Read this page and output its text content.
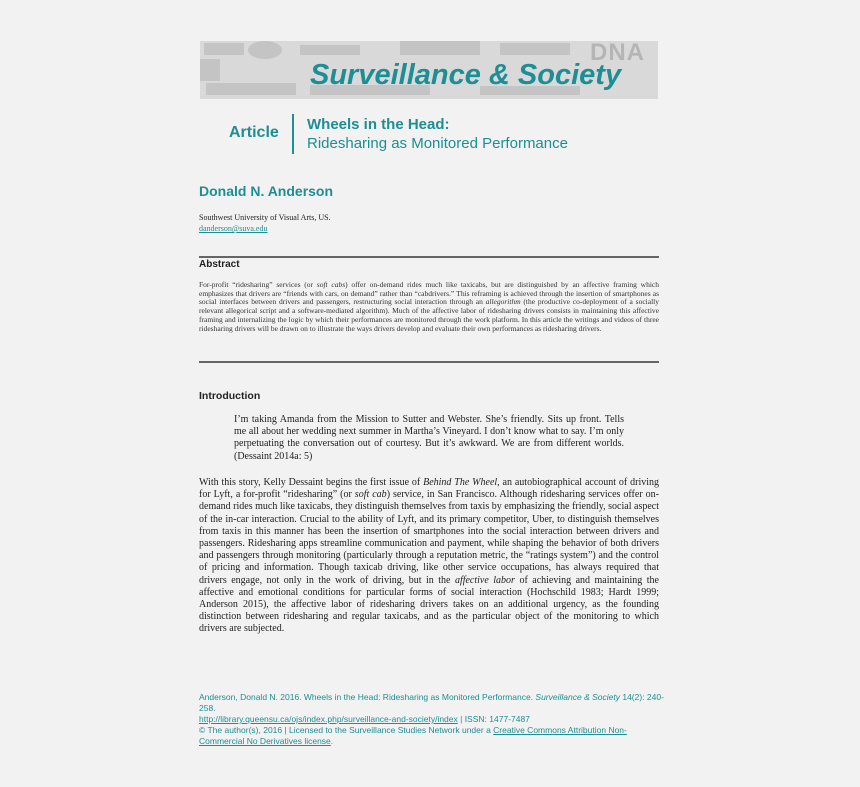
DNA
Surveillance & Society
Article Wheels in the Head:
Ridesharing as Monitored Performance
Donald N. Anderson
Southwest University of Visual Arts, US.
danderson@suva.edu
Abstract
For-profit “ridesharing” services (or soft cabs) offer on-demand rides much like taxicabs, but are distinguished by an affective framing which emphasizes that drivers are “friends with cars, on demand” rather than “cabdrivers.” This reframing is achieved through the insertion of smartphones as social interfaces between drivers and passengers, restructuring social interaction through an allegorithm (the productive co-deployment of a socially relevant allegorical script and a software-mediated algorithm). Much of the affective labor of ridesharing drivers consists in maintaining this affective framing and internalizing the logic by which their performances are monitored through the work platform. In this article the writings and videos of three ridesharing drivers will be drawn on to illustrate the ways drivers develop and evaluate their own performances as ridesharing drivers.
Introduction
I’m taking Amanda from the Mission to Sutter and Webster. She’s friendly. Sits up front. Tells me all about her wedding next summer in Martha’s Vineyard. I don’t know what to say. I’m only perpetuating the conversation out of courtesy. But it’s awkward. We are from different worlds. (Dessaint 2014a: 5)
With this story, Kelly Dessaint begins the first issue of Behind The Wheel, an autobiographical account of driving for Lyft, a for-profit “ridesharing” (or soft cab) service, in San Francisco. Although ridesharing services offer on-demand rides much like taxicabs, they distinguish themselves from taxis by emphasizing the friendly, social aspect of the in-car interaction. Crucial to the ability of Lyft, and its primary competitor, Uber, to distinguish themselves from taxis in this manner has been the insertion of smartphones into the social interaction between drivers and passengers. Ridesharing apps streamline communication and payment, while shaping the behavior of both drivers and passengers through monitoring (particularly through a reputation metric, the “ratings system”) and the control of pricing and information. Though taxicab driving, like other service occupations, has always required that drivers engage, not only in the work of driving, but in the affective labor of achieving and maintaining the affective and emotional conditions for particular forms of social interaction (Hochschild 1983; Hardt 1999; Anderson 2015), the affective labor of ridesharing drivers takes on an additional urgency, as the founding distinction between ridesharing and regular taxicabs, and as the particular object of the monitoring to which drivers are subjected.
Anderson, Donald N. 2016. Wheels in the Head: Ridesharing as Monitored Performance. Surveillance & Society 14(2): 240-258.
http://library.queensu.ca/ojs/index.php/surveillance-and-society/index | ISSN: 1477-7487
© The author(s), 2016 | Licensed to the Surveillance Studies Network under a Creative Commons Attribution Non-Commercial No Derivatives license.
